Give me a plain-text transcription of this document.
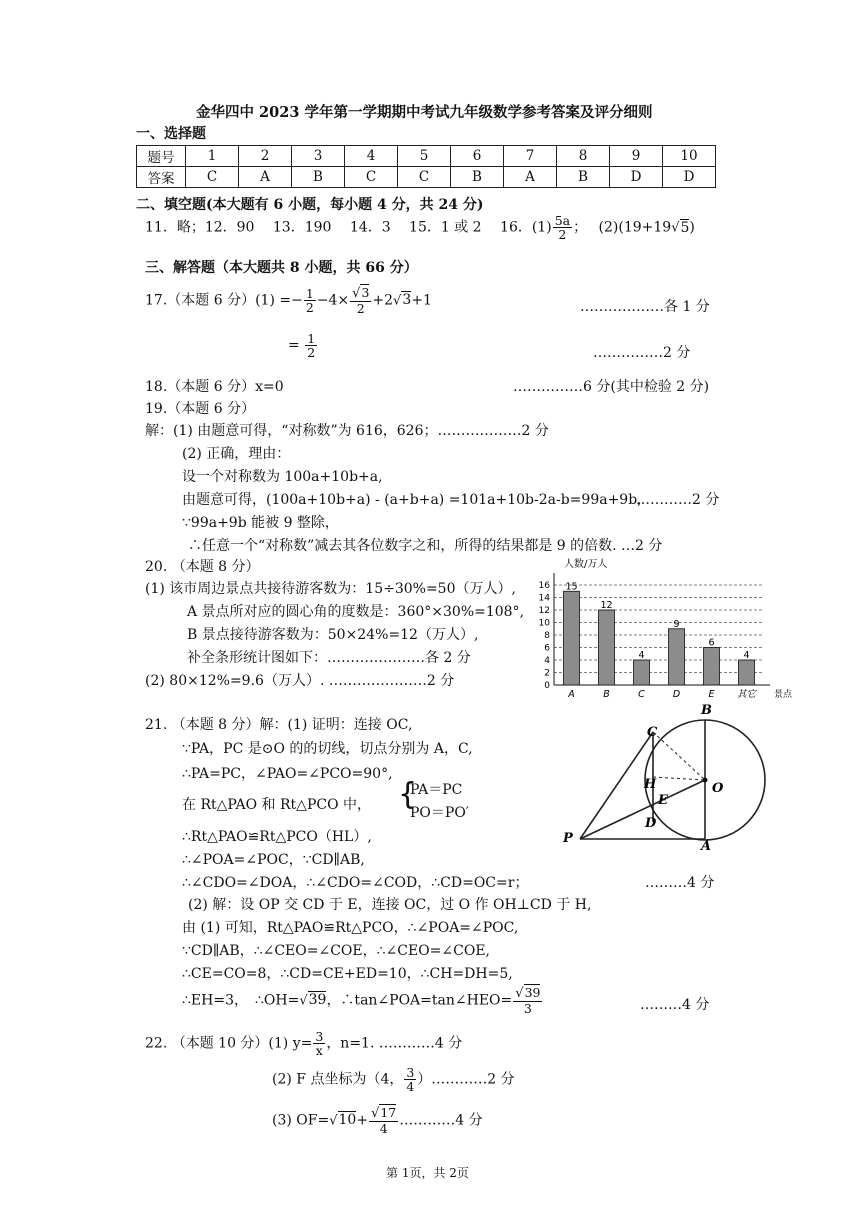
金华四中 2023 学年第一学期期中考试九年级数学参考答案及评分细则
一、选择题
题号	1	2	3	4	5	6	7	8	9	10
答案	C	A	B	C	C	B	A	B	D	D
二、填空题(本大题有 6 小题，每小题 4 分，共 24 分)
11．略；12．90　 13．190　 14．3　 15．1 或 2　 16．$(1) \frac{5a}{2}$ ；　 (2)(19+19√5)
三、解答题（本大题共 8 小题，共 66 分）
17.（本题 6 分）$(1) =- \frac{1}{2} -4\times \frac{√3}{2} +2√3+1$	………………各 1 分
= $\frac{1}{2}$	……………2 分
18.（本题 6 分）x=0	……………6 分(其中检验 2 分)
19.（本题 6 分）
解：(1) 由题意可得，“对称数”为 616，626；………………2 分
(2) 正确，理由：
设一个对称数为 100a+10b+a,
由题意可得，(100a+10b+a) - (a+b+a) =101a+10b-2a-b=99a+9b,
…………2 分
∵99a+9b 能被 9 整除，
∴任意一个“对称数”减去其各位数字之和，所得的结果都是 9 的倍数. …2 分
20. （本题 8 分）
(1) 该市周边景点共接待游客数为：15÷30%=50（万人）,
A 景点所对应的圆心角的度数是：360°×30%=108°,
B 景点接待游客数为：50×24%=12（万人）,
补全条形统计图如下：…………………各 2 分
(2) 80×12%=9.6（万人）. …………………2 分	0
2
4
6
8
10
12
14
16
人数/万人
景点
15
A
12
B
4
C
9
D
6
E
4
其它
21. （本题 8 分）解：(1) 证明：连接 OC,
∵PA，PC 是⊙O 的的切线，切点分别为 A，C,
∴PA=PC，∠PAO=∠PCO=90°,
在 Rt△PAO 和 Rt△PCO 中， {
PA＝PC
PO＝PO′
∴Rt△PAO≌Rt△PCO（HL）,
∴∠POA=∠POC，∵CD∥AB,
∴∠CDO=∠DOA，∴∠CDO=∠COD，∴CD=OC=r；	………4 分
(2) 解：设 OP 交 CD 于 E，连接 OC，过 O 作 OH⊥CD 于 H,
由 (1) 可知，Rt△PAO≌Rt△PCO，∴∠POA=∠POC,
∵CD∥AB，∴∠CEO=∠COE，∴∠CEO=∠COE,
∴CE=CO=8，∴CD=CE+ED=10，∴CH=DH=5,
∴EH=3，　∴OH=√39，∴tan∠POA=tan∠HEO= $\frac{√39}{3}$	………4 分
B
C
H	O
E
D
P
A
22. （本题 10 分）(1) $y= \frac{3}{x}$ ，n=1. …………4 分
(2) F 点坐标为（4， $\frac{3}{4}$ ）…………2 分
(3) $OF=√10+ \frac{√17}{4}$ …………4 分
第 1页，共 2页
